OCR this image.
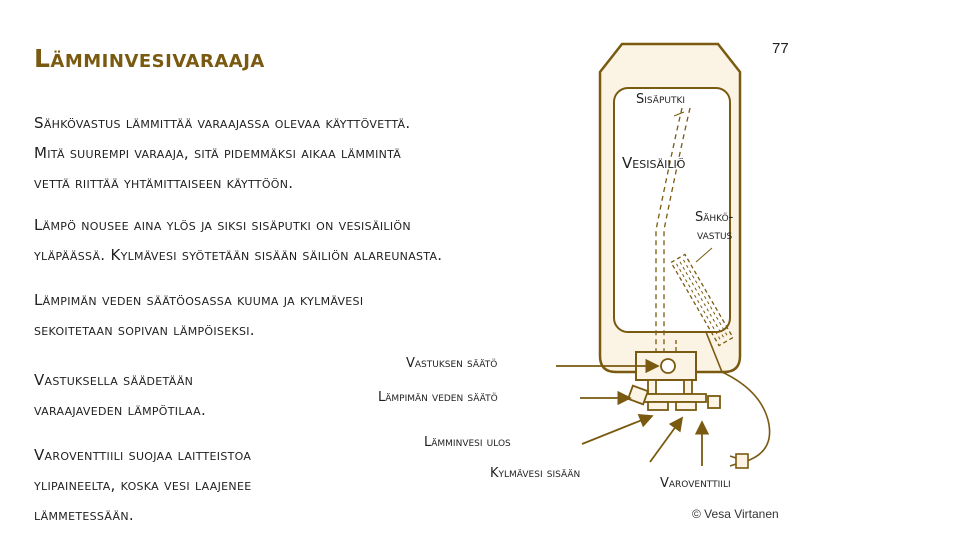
Lämminvesivaraaja	77
Sähkövastus lämmittää varaajassa olevaa käyttövettä.
Mitä suurempi varaaja, sitä pidemmäksi aikaa lämmintä
vettä riittää yhtämittaiseen käyttöön.
Lämpö nousee aina ylös ja siksi sisäputki on vesisäiliön
yläpäässä. Kylmävesi syötetään sisään säiliön alareunasta.
Lämpimän veden säätöosassa kuuma ja kylmävesi
sekoitetaan sopivan lämpöiseksi.
Vastuksella säädetään
varaajaveden lämpötilaa.
Varoventtiili suojaa laitteistoa
ylipaineelta, koska vesi laajenee
lämmetessään.
Sisäputki
Vesisäiliö
Sähkö-
vastus
Vastuksen säätö
Lämpimän veden säätö
Lämminvesi ulos
Kylmävesi sisään
Varoventtiili
© Vesa Virtanen
